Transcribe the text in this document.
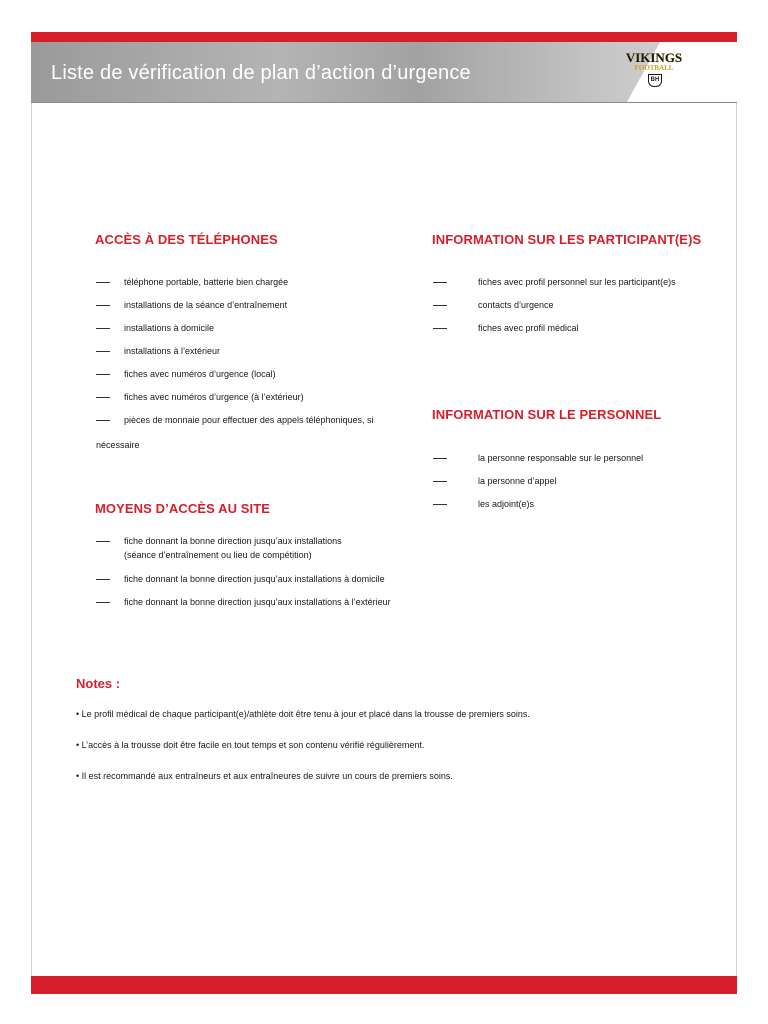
Liste de vérification de plan d’action d’urgence
VIKINGS
FOOTBALL
BH
ACCÈS À DES TÉLÉPHONES
téléphone portable, batterie bien chargée
installations de la séance d’entraînement
installations à domicile
installations à l’extérieur
fiches avec numéros d’urgence (local)
fiches avec numéros d’urgence (à l’extérieur)
pièces de monnaie pour effectuer des appels téléphoniques, si
nécessaire
MOYENS D’ACCÈS AU SITE
fiche donnant la bonne direction jusqu’aux installations
(séance d’entraînement ou lieu de compétition)
fiche donnant la bonne direction jusqu’aux installations à domicile
fiche donnant la bonne direction jusqu’aux installations à l’extérieur
INFORMATION SUR LES PARTICIPANT(E)S
fiches avec profil personnel sur les participant(e)s
contacts d’urgence
fiches avec profil médical
INFORMATION SUR LE PERSONNEL
la personne responsable sur le personnel
la personne d’appel
les adjoint(e)s
Notes :
• Le profil médical de chaque participant(e)/athlète doit être tenu à jour et placé dans la trousse de premiers soins.
• L’accès à la trousse doit être facile en tout temps et son contenu vérifié régulièrement.
• Il est recommandé aux entraîneurs et aux entraîneures de suivre un cours de premiers soins.
